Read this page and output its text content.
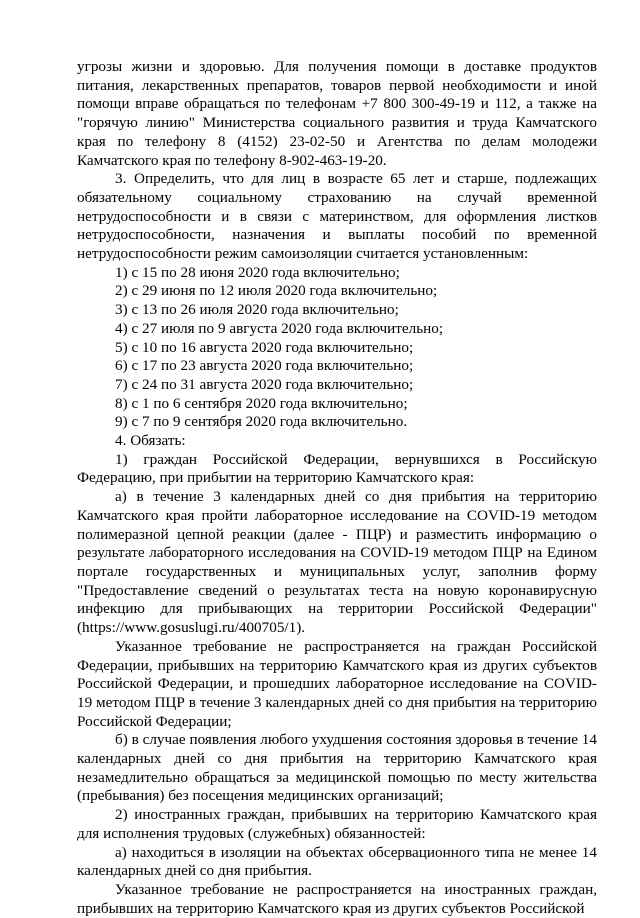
угрозы жизни и здоровью. Для получения помощи в доставке продуктов питания, лекарственных препаратов, товаров первой необходимости и иной помощи вправе обращаться по телефонам +7 800 300-49-19 и 112, а также на "горячую линию" Министерства социального развития и труда Камчатского края по телефону 8 (4152) 23-02-50 и Агентства по делам молодежи Камчатского края по телефону 8-902-463-19-20.

3. Определить, что для лиц в возрасте 65 лет и старше, подлежащих обязательному социальному страхованию на случай временной нетрудоспособности и в связи с материнством, для оформления листков нетрудоспособности, назначения и выплаты пособий по временной нетрудоспособности режим самоизоляции считается установленным:

1) с 15 по 28 июня 2020 года включительно;

2) с 29 июня по 12 июля 2020 года включительно;

3) с 13 по 26 июля 2020 года включительно;

4) с 27 июля по 9 августа 2020 года включительно;

5) с 10 по 16 августа 2020 года включительно;

6) с 17 по 23 августа 2020 года включительно;

7) с 24 по 31 августа 2020 года включительно;

8) с 1 по 6 сентября 2020 года включительно;

9) с 7 по 9 сентября 2020 года включительно.

4. Обязать:

1) граждан Российской Федерации, вернувшихся в Российскую Федерацию, при прибытии на территорию Камчатского края:

а) в течение 3 календарных дней со дня прибытия на территорию Камчатского края пройти лабораторное исследование на COVID-19 методом полимеразной цепной реакции (далее - ПЦР) и разместить информацию о результате лабораторного исследования на COVID-19 методом ПЦР на Едином портале государственных и муниципальных услуг, заполнив форму "Предоставление сведений о результатах теста на новую коронавирусную инфекцию для прибывающих на территории Российской Федерации" (https://www.gosuslugi.ru/400705/1).

Указанное требование не распространяется на граждан Российской Федерации, прибывших на территорию Камчатского края из других субъектов Российской Федерации, и прошедших лабораторное исследование на COVID-19 методом ПЦР в течение 3 календарных дней со дня прибытия на территорию Российской Федерации;

б) в случае появления любого ухудшения состояния здоровья в течение 14 календарных дней со дня прибытия на территорию Камчатского края незамедлительно обращаться за медицинской помощью по месту жительства (пребывания) без посещения медицинских организаций;

2) иностранных граждан, прибывших на территорию Камчатского края для исполнения трудовых (служебных) обязанностей:

а) находиться в изоляции на объектах обсервационного типа не менее 14 календарных дней со дня прибытия.

Указанное требование не распространяется на иностранных граждан, прибывших на территорию Камчатского края из других субъектов Российской
